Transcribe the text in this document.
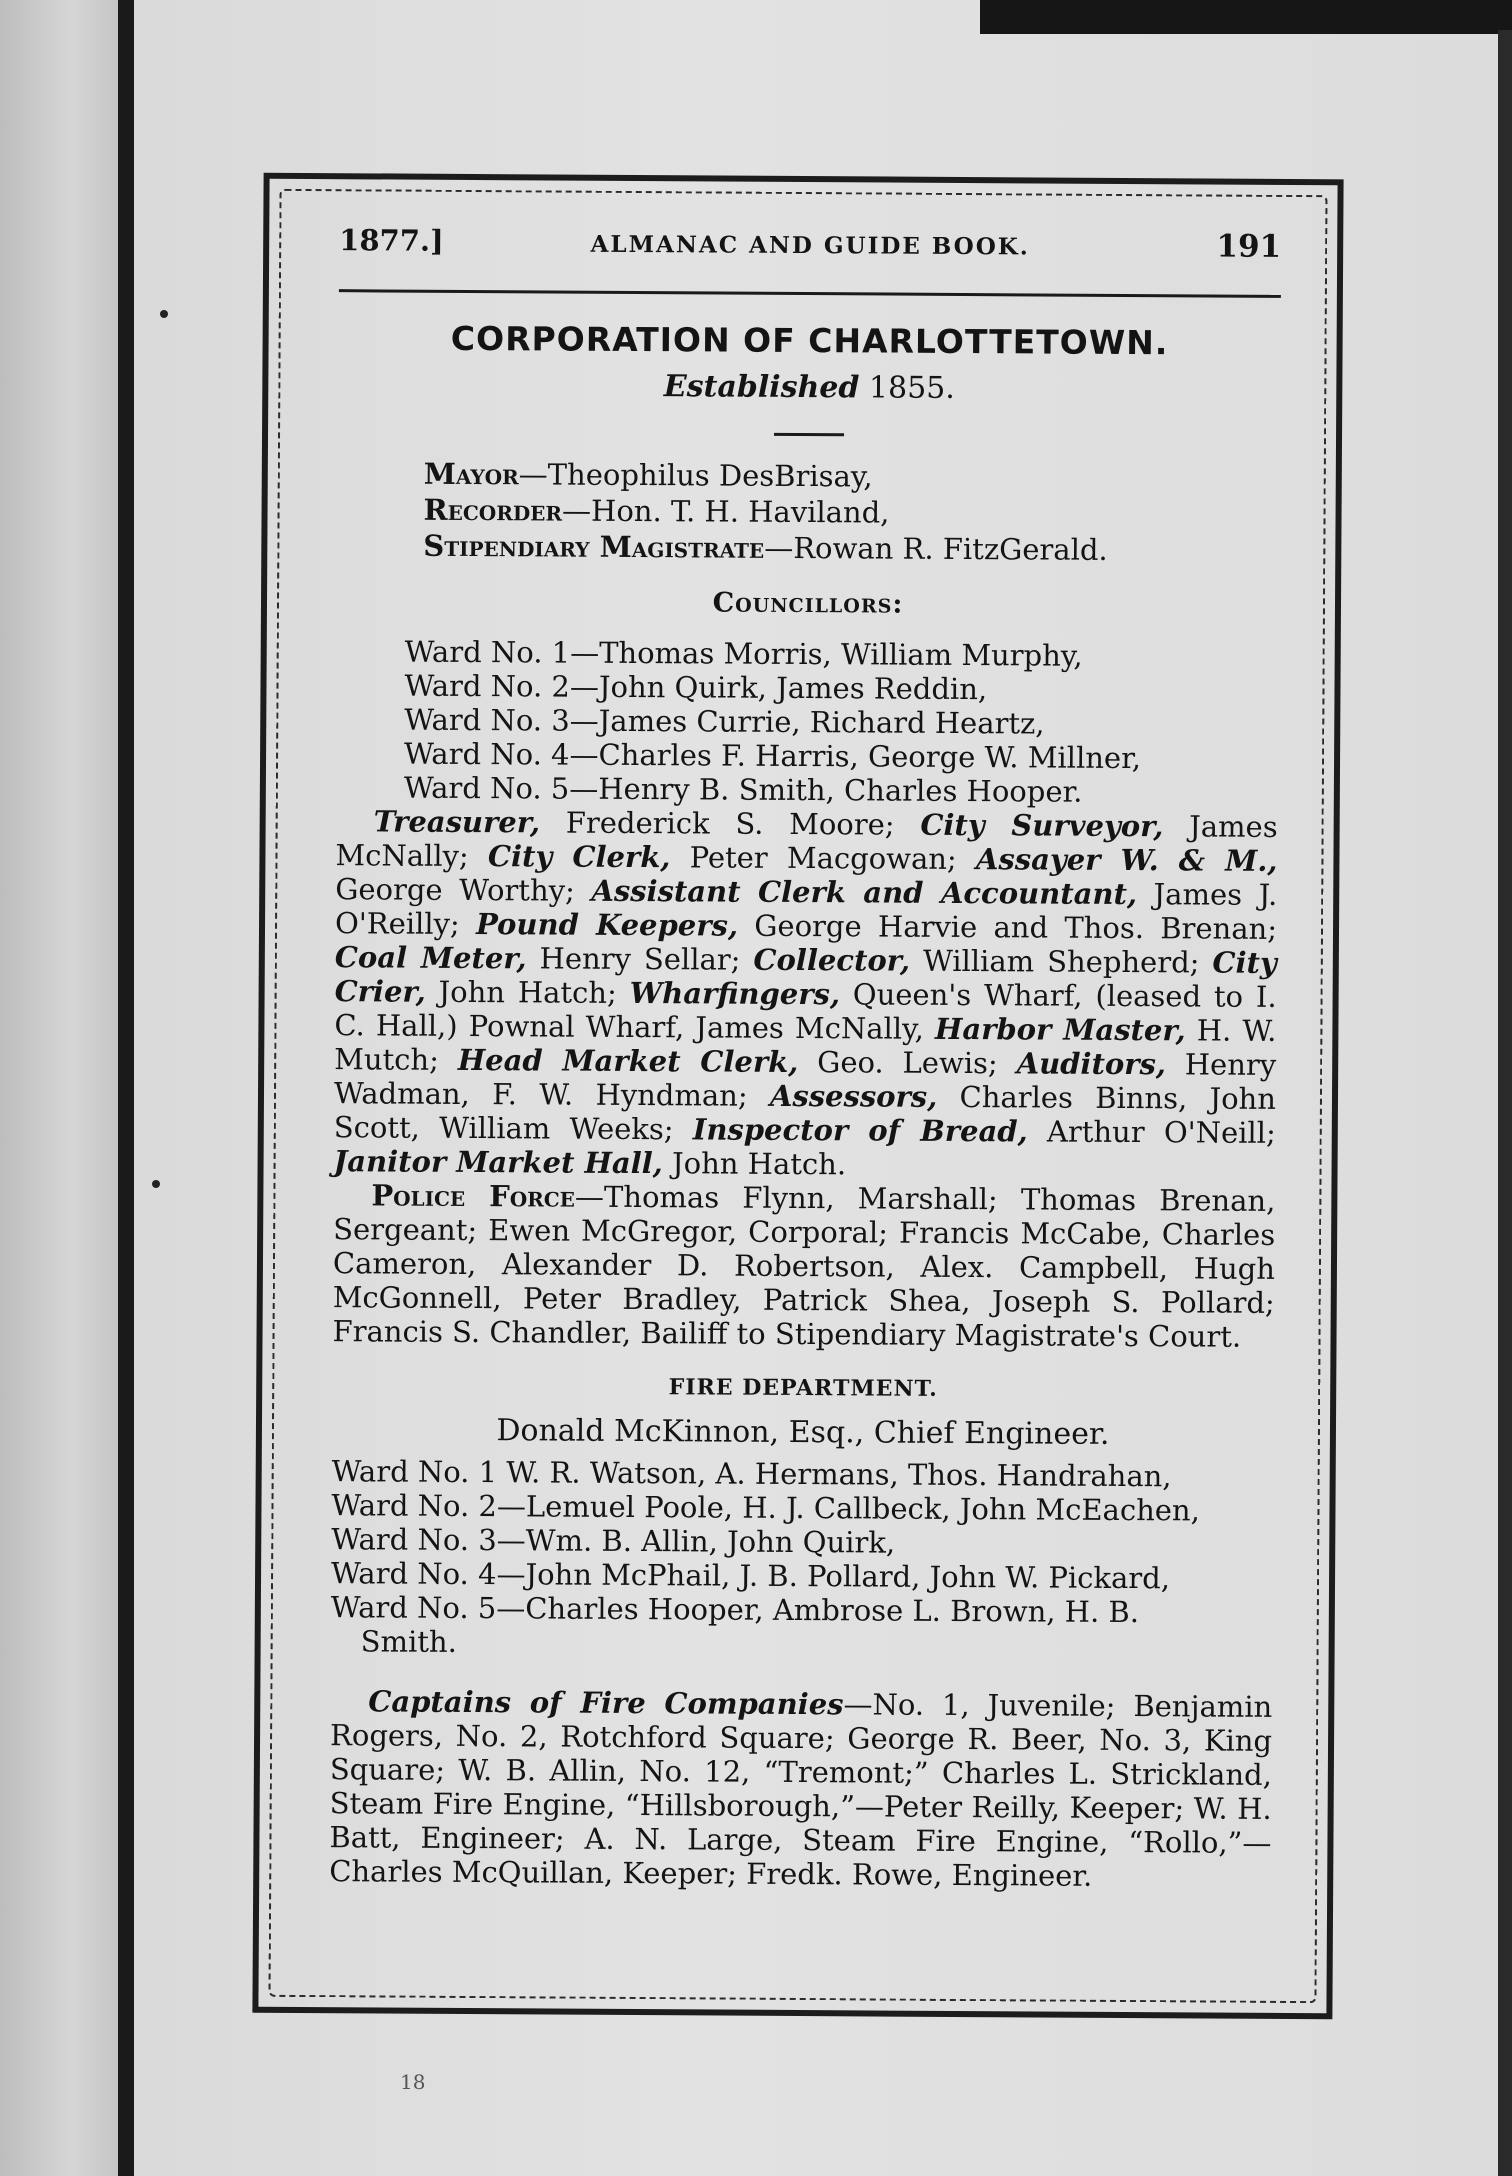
1877.]	ALMANAC AND GUIDE BOOK.	191
CORPORATION OF CHARLOTTETOWN.
Established 1855.
Mayor—Theophilus DesBrisay,
Recorder—Hon. T. H. Haviland,
Stipendiary Magistrate—Rowan R. FitzGerald.
Councillors:
Ward No. 1—Thomas Morris, William Murphy,
Ward No. 2—John Quirk, James Reddin,
Ward No. 3—James Currie, Richard Heartz,
Ward No. 4—Charles F. Harris, George W. Millner,
Ward No. 5—Henry B. Smith, Charles Hooper.

Treasurer, Frederick S. Moore; City Surveyor, James McNally; City Clerk, Peter Macgowan; Assayer W. & M., George Worthy; Assistant Clerk and Accountant, James J. O'Reilly; Pound Keepers, George Harvie and Thos. Brenan; Coal Meter, Henry Sellar; Collector, William Shepherd; City Crier, John Hatch; Wharfingers, Queen's Wharf, (leased to I. C. Hall,) Pownal Wharf, James McNally, Harbor Master, H. W. Mutch; Head Market Clerk, Geo. Lewis; Auditors, Henry Wadman, F. W. Hyndman; Assessors, Charles Binns, John Scott, William Weeks; Inspector of Bread, Arthur O'Neill; Janitor Market Hall, John Hatch.

Police Force—Thomas Flynn, Marshall; Thomas Brenan, Sergeant; Ewen McGregor, Corporal; Francis McCabe, Charles Cameron, Alexander D. Robertson, Alex. Campbell, Hugh McGonnell, Peter Bradley, Patrick Shea, Joseph S. Pollard; Francis S. Chandler, Bailiff to Stipendiary Magistrate's Court.

FIRE DEPARTMENT.
Donald McKinnon, Esq., Chief Engineer.
Ward No. 1 W. R. Watson, A. Hermans, Thos. Handrahan,
Ward No. 2—Lemuel Poole, H. J. Callbeck, John McEachen,
Ward No. 3—Wm. B. Allin, John Quirk,
Ward No. 4—John McPhail, J. B. Pollard, John W. Pickard,
Ward No. 5—Charles Hooper, Ambrose L. Brown, H. B.
Smith.

Captains of Fire Companies—No. 1, Juvenile; Benjamin Rogers, No. 2, Rotchford Square; George R. Beer, No. 3, King Square; W. B. Allin, No. 12, “Tremont;” Charles L. Strickland, Steam Fire Engine, “Hillsborough,”—Peter Reilly, Keeper; W. H. Batt, Engineer; A. N. Large, Steam Fire Engine, “Rollo,”—Charles McQuillan, Keeper; Fredk. Rowe, Engineer.

18
